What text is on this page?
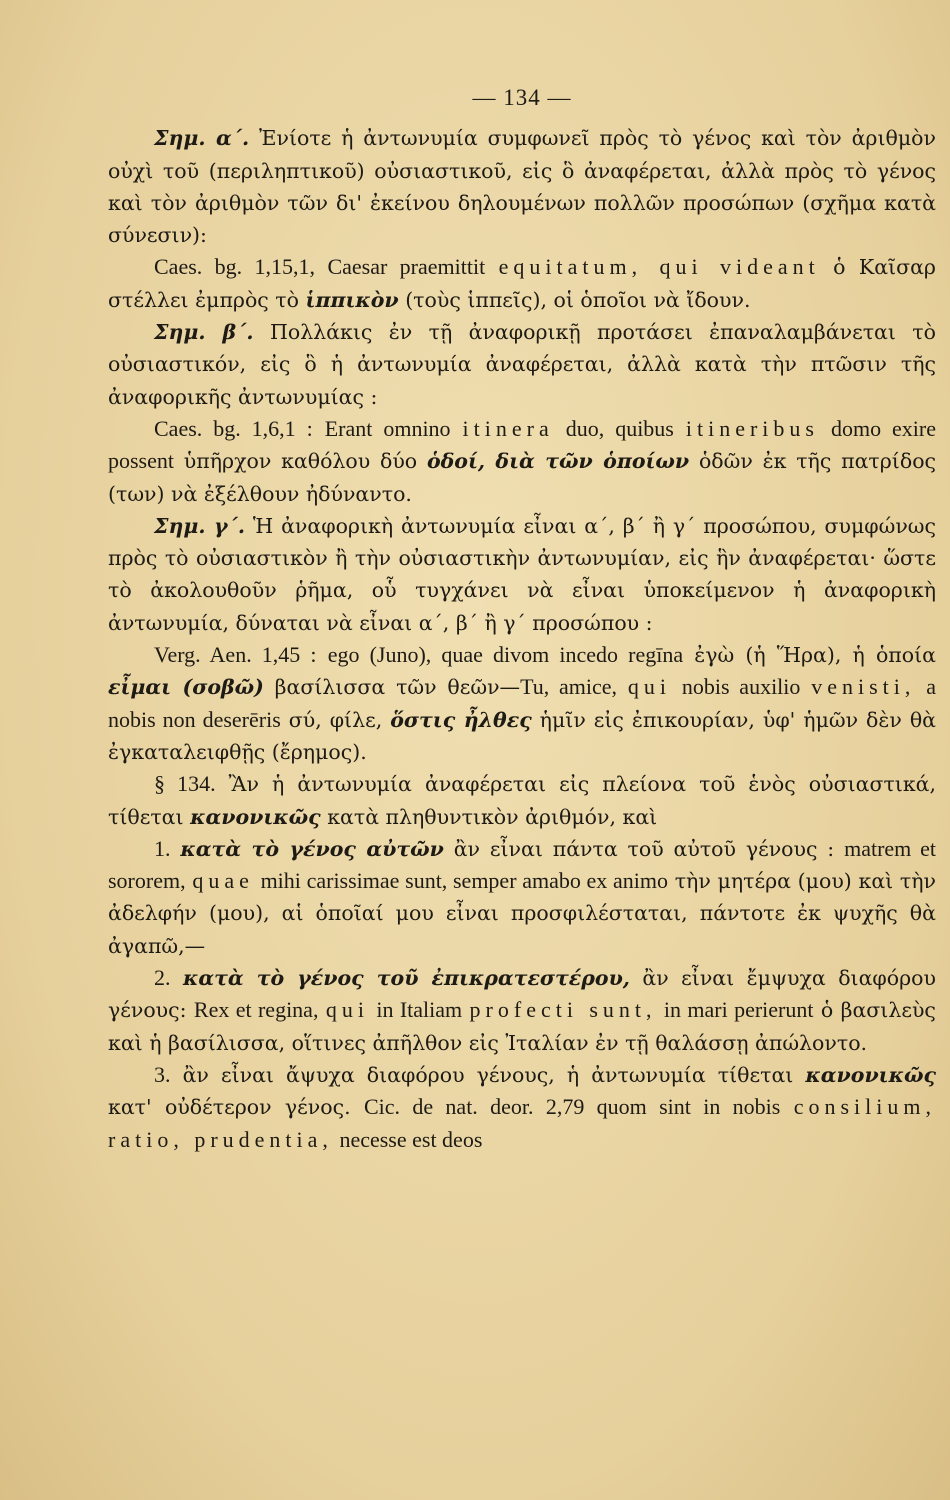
— 134 —

Σημ. α΄. Ἐνίοτε ἡ ἀντωνυμία συμφωνεῖ πρὸς τὸ γένος καὶ τὸν ἀριθμὸν οὐχὶ τοῦ (περιληπτικοῦ) οὐσιαστικοῦ, εἰς ὃ ἀναφέρεται, ἀλλὰ πρὸς τὸ γένος καὶ τὸν ἀριθμὸν τῶν δι' ἐκείνου δηλουμένων πολλῶν προσώπων (σχῆμα κατὰ σύνεσιν):

Caes. bg. 1,15,1, Caesar praemittit equitatum, qui videant ὁ Καῖσαρ στέλλει ἐμπρὸς τὸ ἱππικὸν (τοὺς ἱππεῖς), οἱ ὁποῖοι νὰ ἴδουν.

Σημ. β΄. Πολλάκις ἐν τῇ ἀναφορικῇ προτάσει ἐπαναλαμβάνεται τὸ οὐσιαστικόν, εἰς ὃ ἡ ἀντωνυμία ἀναφέρεται, ἀλλὰ κατὰ τὴν πτῶσιν τῆς ἀναφορικῆς ἀντωνυμίας :

Caes. bg. 1,6,1 : Erant omnino itinera duo, quibus itineribus domo exire possent ὑπῆρχον καθόλου δύο ὁδοί, διὰ τῶν ὁποίων ὁδῶν ἐκ τῆς πατρίδος (των) νὰ ἐξέλθουν ἠδύναντο.

Σημ. γ΄. Ἡ ἀναφορικὴ ἀντωνυμία εἶναι α΄, β΄ ἢ γ΄ προσώπου, συμφώνως πρὸς τὸ οὐσιαστικὸν ἢ τὴν οὐσιαστικὴν ἀντωνυμίαν, εἰς ἣν ἀναφέρεται· ὥστε τὸ ἀκολουθοῦν ῥῆμα, οὗ τυγχάνει νὰ εἶναι ὑποκείμενον ἡ ἀναφορικὴ ἀντωνυμία, δύναται νὰ εἶναι α΄, β΄ ἢ γ΄ προσώπου :

Verg. Aen. 1,45 : ego (Juno), quae divom incedo regīna ἐγὼ (ἡ Ἥρα), ἡ ὁποία εἶμαι (σοβῶ) βασίλισσα τῶν θεῶν—Tu, amice, qui nobis auxilio venisti, a nobis non deserēris σύ, φίλε, ὅστις ἦλθες ἡμῖν εἰς ἐπικουρίαν, ὑφ' ἡμῶν δὲν θὰ ἐγκαταλειφθῇς (ἔρημος).

§ 134. Ἂν ἡ ἀντωνυμία ἀναφέρεται εἰς πλείονα τοῦ ἑνὸς οὐσιαστικά, τίθεται κανονικῶς κατὰ πληθυντικὸν ἀριθμόν, καὶ

1. κατὰ τὸ γένος αὐτῶν ἂν εἶναι πάντα τοῦ αὐτοῦ γένους : matrem et sororem, quae mihi carissimae sunt, semper amabo ex animo τὴν μητέρα (μου) καὶ τὴν ἀδελφήν (μου), αἱ ὁποῖαί μου εἶναι προσφιλέσταται, πάντοτε ἐκ ψυχῆς θὰ ἀγαπῶ,—

2. κατὰ τὸ γένος τοῦ ἐπικρατεστέρου, ἂν εἶναι ἔμψυχα διαφόρου γένους: Rex et regina, qui in Italiam profecti sunt, in mari perierunt ὁ βασιλεὺς καὶ ἡ βασίλισσα, οἵτινες ἀπῆλθον εἰς Ἰταλίαν ἐν τῇ θαλάσσῃ ἀπώλοντο.

3. ἂν εἶναι ἄψυχα διαφόρου γένους, ἡ ἀντωνυμία τίθεται κανονικῶς κατ' οὐδέτερον γένος. Cic. de nat. deor. 2,79 quom sint in nobis consilium, ratio, prudentia, necesse est deos
